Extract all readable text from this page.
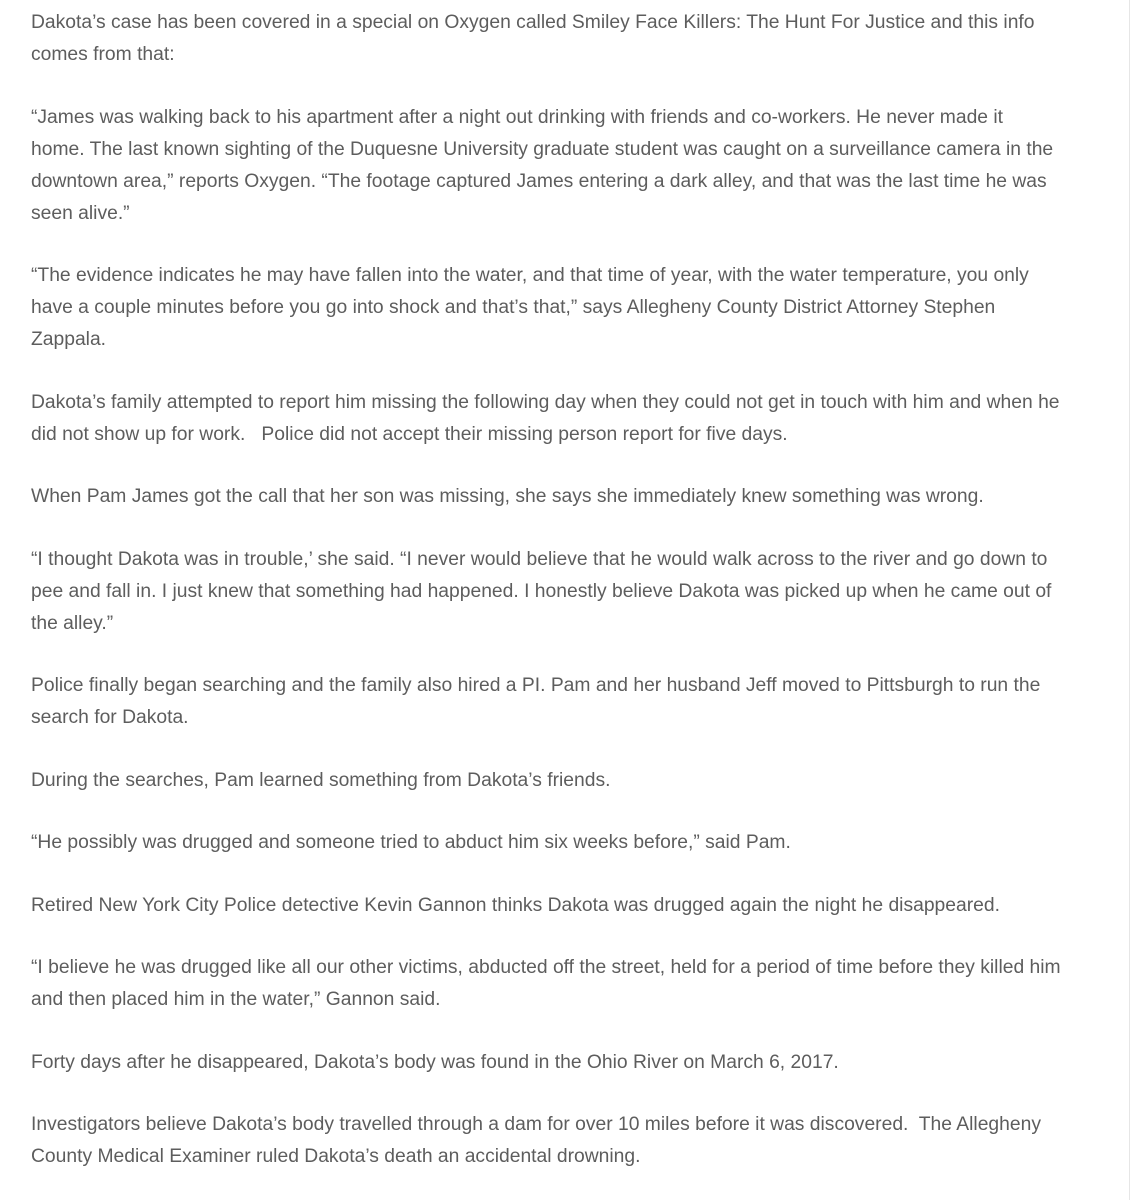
Dakota’s case has been covered in a special on Oxygen called Smiley Face Killers: The Hunt For Justice and this info comes from that:

“James was walking back to his apartment after a night out drinking with friends and co-workers. He never made it home. The last known sighting of the Duquesne University graduate student was caught on a surveillance camera in the downtown area,” reports Oxygen. “The footage captured James entering a dark alley, and that was the last time he was seen alive.”

“The evidence indicates he may have fallen into the water, and that time of year, with the water temperature, you only have a couple minutes before you go into shock and that’s that,” says Allegheny County District Attorney Stephen Zappala.

Dakota’s family attempted to report him missing the following day when they could not get in touch with him and when he did not show up for work.   Police did not accept their missing person report for five days.

When Pam James got the call that her son was missing, she says she immediately knew something was wrong.

“I thought Dakota was in trouble,’ she said. “I never would believe that he would walk across to the river and go down to pee and fall in. I just knew that something had happened. I honestly believe Dakota was picked up when he came out of the alley.”

Police finally began searching and the family also hired a PI. Pam and her husband Jeff moved to Pittsburgh to run the search for Dakota.

During the searches, Pam learned something from Dakota’s friends.

“He possibly was drugged and someone tried to abduct him six weeks before,” said Pam.

Retired New York City Police detective Kevin Gannon thinks Dakota was drugged again the night he disappeared.

“I believe he was drugged like all our other victims, abducted off the street, held for a period of time before they killed him and then placed him in the water,” Gannon said.

Forty days after he disappeared, Dakota’s body was found in the Ohio River on March 6, 2017.

Investigators believe Dakota’s body travelled through a dam for over 10 miles before it was discovered.  The Allegheny County Medical Examiner ruled Dakota’s death an accidental drowning.
